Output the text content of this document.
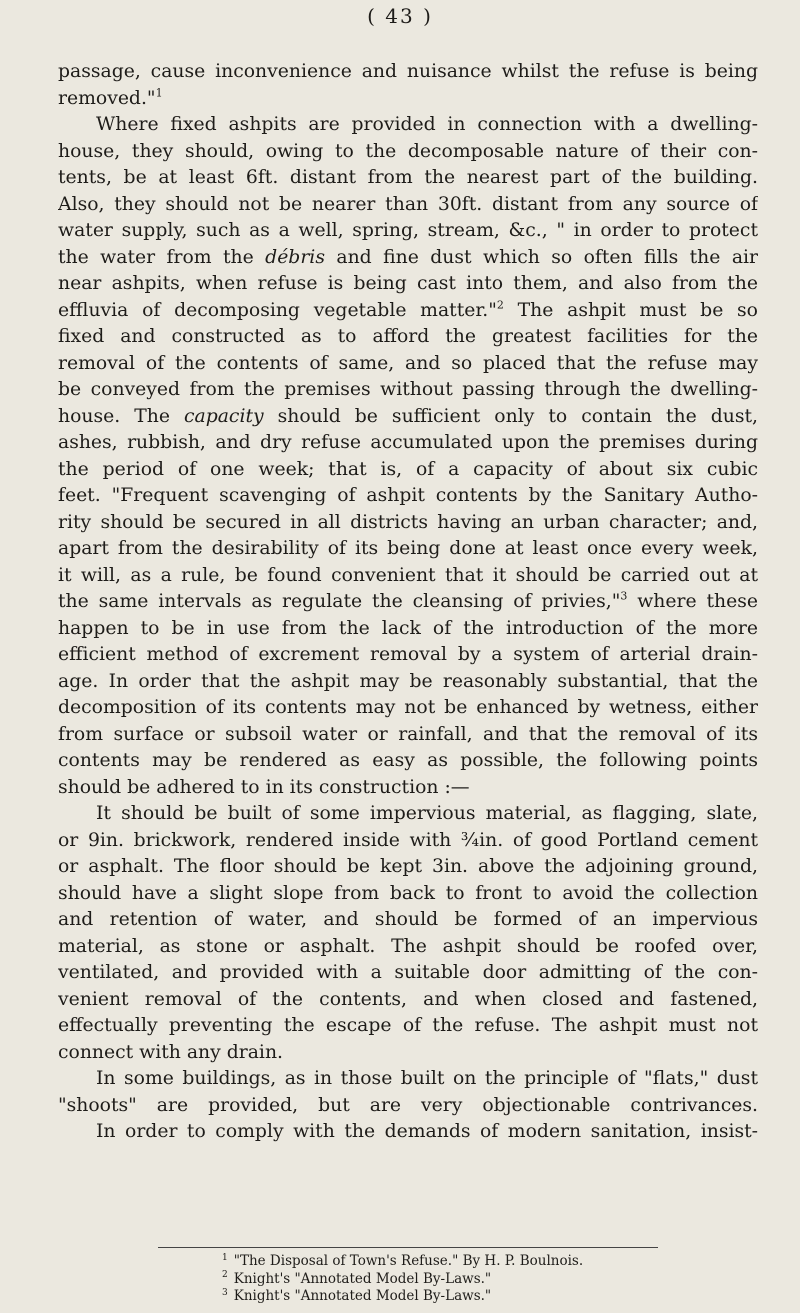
( 43 )
passage, cause inconvenience and nuisance whilst the refuse is being
removed."$^1$
Where fixed ashpits are provided in connection with a dwelling-
house, they should, owing to the decomposable nature of their con-
tents, be at least 6ft. distant from the nearest part of the building.
Also, they should not be nearer than 30ft. distant from any source of
water supply, such as a well, spring, stream, &c., " in order to protect
the water from the débris and fine dust which so often fills the air
near ashpits, when refuse is being cast into them, and also from the
effluvia of decomposing vegetable matter."$^2$ The ashpit must be so
fixed and constructed as to afford the greatest facilities for the
removal of the contents of same, and so placed that the refuse may
be conveyed from the premises without passing through the dwelling-
house. The capacity should be sufficient only to contain the dust,
ashes, rubbish, and dry refuse accumulated upon the premises during
the period of one week; that is, of a capacity of about six cubic
feet. "Frequent scavenging of ashpit contents by the Sanitary Autho-
rity should be secured in all districts having an urban character; and,
apart from the desirability of its being done at least once every week,
it will, as a rule, be found convenient that it should be carried out at
the same intervals as regulate the cleansing of privies,"$^3$ where these
happen to be in use from the lack of the introduction of the more
efficient method of excrement removal by a system of arterial drain-
age. In order that the ashpit may be reasonably substantial, that the
decomposition of its contents may not be enhanced by wetness, either
from surface or subsoil water or rainfall, and that the removal of its
contents may be rendered as easy as possible, the following points
should be adhered to in its construction :—
It should be built of some impervious material, as flagging, slate,
or 9in. brickwork, rendered inside with ¾in. of good Portland cement
or asphalt. The floor should be kept 3in. above the adjoining ground,
should have a slight slope from back to front to avoid the collection
and retention of water, and should be formed of an impervious
material, as stone or asphalt. The ashpit should be roofed over,
ventilated, and provided with a suitable door admitting of the con-
venient removal of the contents, and when closed and fastened,
effectually preventing the escape of the refuse. The ashpit must not
connect with any drain.
In some buildings, as in those built on the principle of "flats," dust
"shoots" are provided, but are very objectionable contrivances.
In order to comply with the demands of modern sanitation, insist-
$^1$ "The Disposal of Town's Refuse." By H. P. Boulnois.
$^2$ Knight's "Annotated Model By-Laws."
$^3$ Knight's "Annotated Model By-Laws."
